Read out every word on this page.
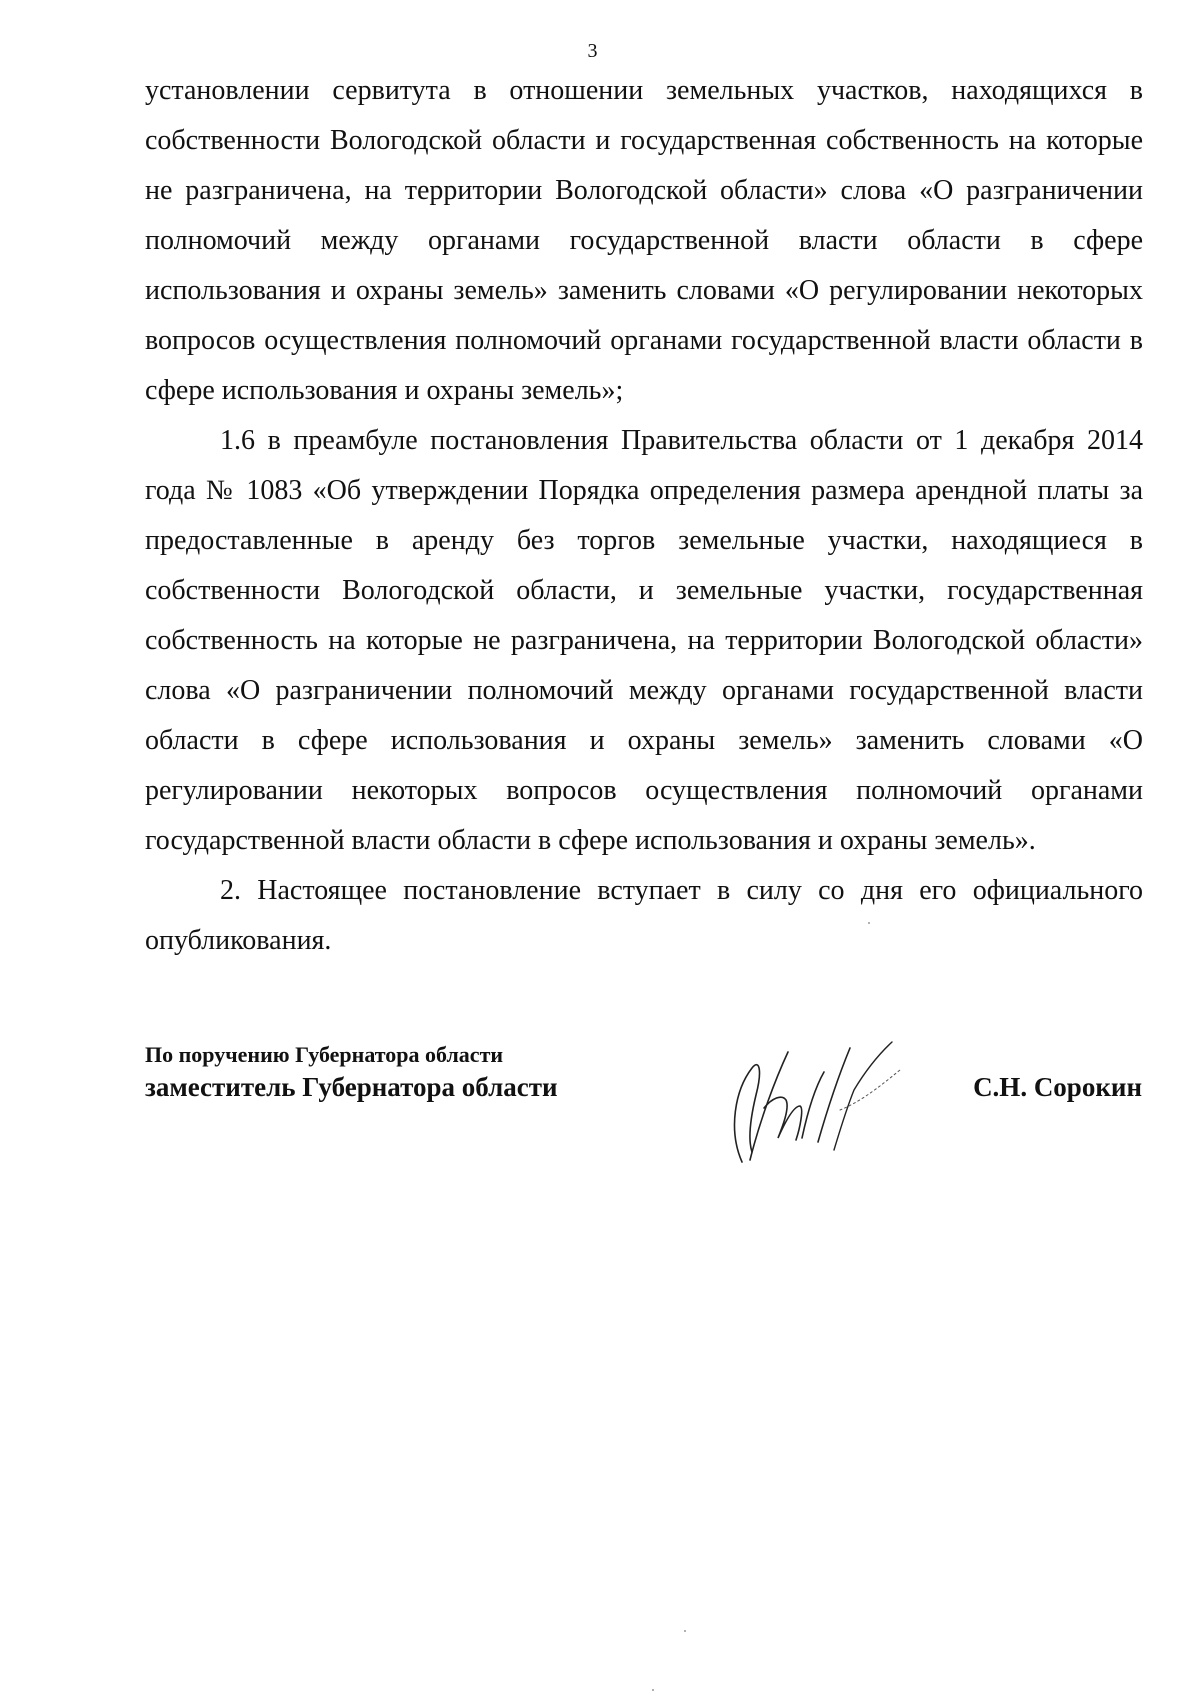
3

установлении сервитута в отношении земельных участков, находящихся в собственности Вологодской области и государственная собственность на которые не разграничена, на территории Вологодской области» слова «О разграничении полномочий между органами государственной власти области в сфере использования и охраны земель» заменить словами «О регулировании некоторых вопросов осуществления полномочий органами государственной власти области в сфере использования и охраны земель»;

1.6 в преамбуле постановления Правительства области от 1 декабря 2014 года № 1083 «Об утверждении Порядка определения размера арендной платы за предоставленные в аренду без торгов земельные участки, находящиеся в собственности Вологодской области, и земельные участки, государственная собственность на которые не разграничена, на территории Вологодской области» слова «О разграничении полномочий между органами государственной власти области в сфере использования и охраны земель» заменить словами «О регулировании некоторых вопросов осуществления полномочий органами государственной власти области в сфере использования и охраны земель».

2. Настоящее постановление вступает в силу со дня его официального опубликования.

По поручению Губернатора области
заместитель Губернатора области	С.Н. Сорокин
